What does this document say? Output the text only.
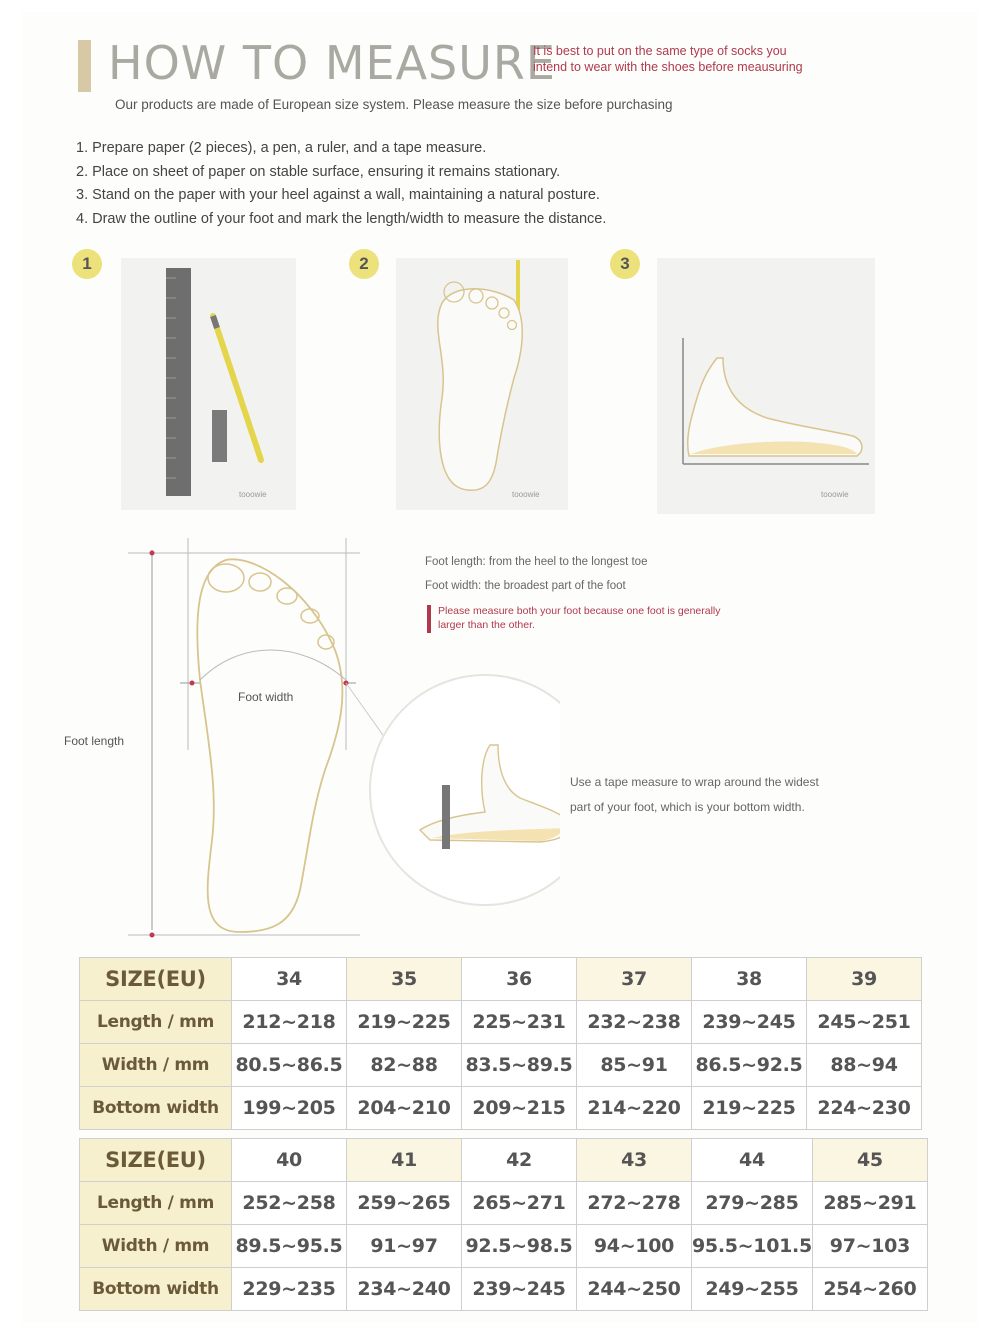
HOW TO MEASURE
It is best to put on the same type of socks you
intend to wear with the shoes before meausuring
Our products are made of European size system. Please measure the size before purchasing
1. Prepare paper (2 pieces), a pen, a ruler, and a tape measure.
2. Place on sheet of paper on stable surface, ensuring it remains stationary.
3. Stand on the paper with your heel against a wall, maintaining a natural posture.
4. Draw the outline of your foot and mark the length/width to measure the distance.
1
tooowie
2
tooowie
3
tooowie
Foot length: from the heel to the longest toe
Foot width: the broadest part of the foot
Please measure both your foot because one foot is generally
larger than the other.
Foot width
Foot length
Use a tape measure to wrap around the widest
part of your foot, which is your bottom width.
SIZE(EU)	34	35	36	37	38	39
Length / mm	212~218	219~225	225~231	232~238	239~245	245~251
Width / mm	80.5~86.5	82~88	83.5~89.5	85~91	86.5~92.5	88~94
Bottom width	199~205	204~210	209~215	214~220	219~225	224~230
SIZE(EU)	40	41	42	43	44	45
Length / mm	252~258	259~265	265~271	272~278	279~285	285~291
Width / mm	89.5~95.5	91~97	92.5~98.5	94~100	95.5~101.5	97~103
Bottom width	229~235	234~240	239~245	244~250	249~255	254~260
